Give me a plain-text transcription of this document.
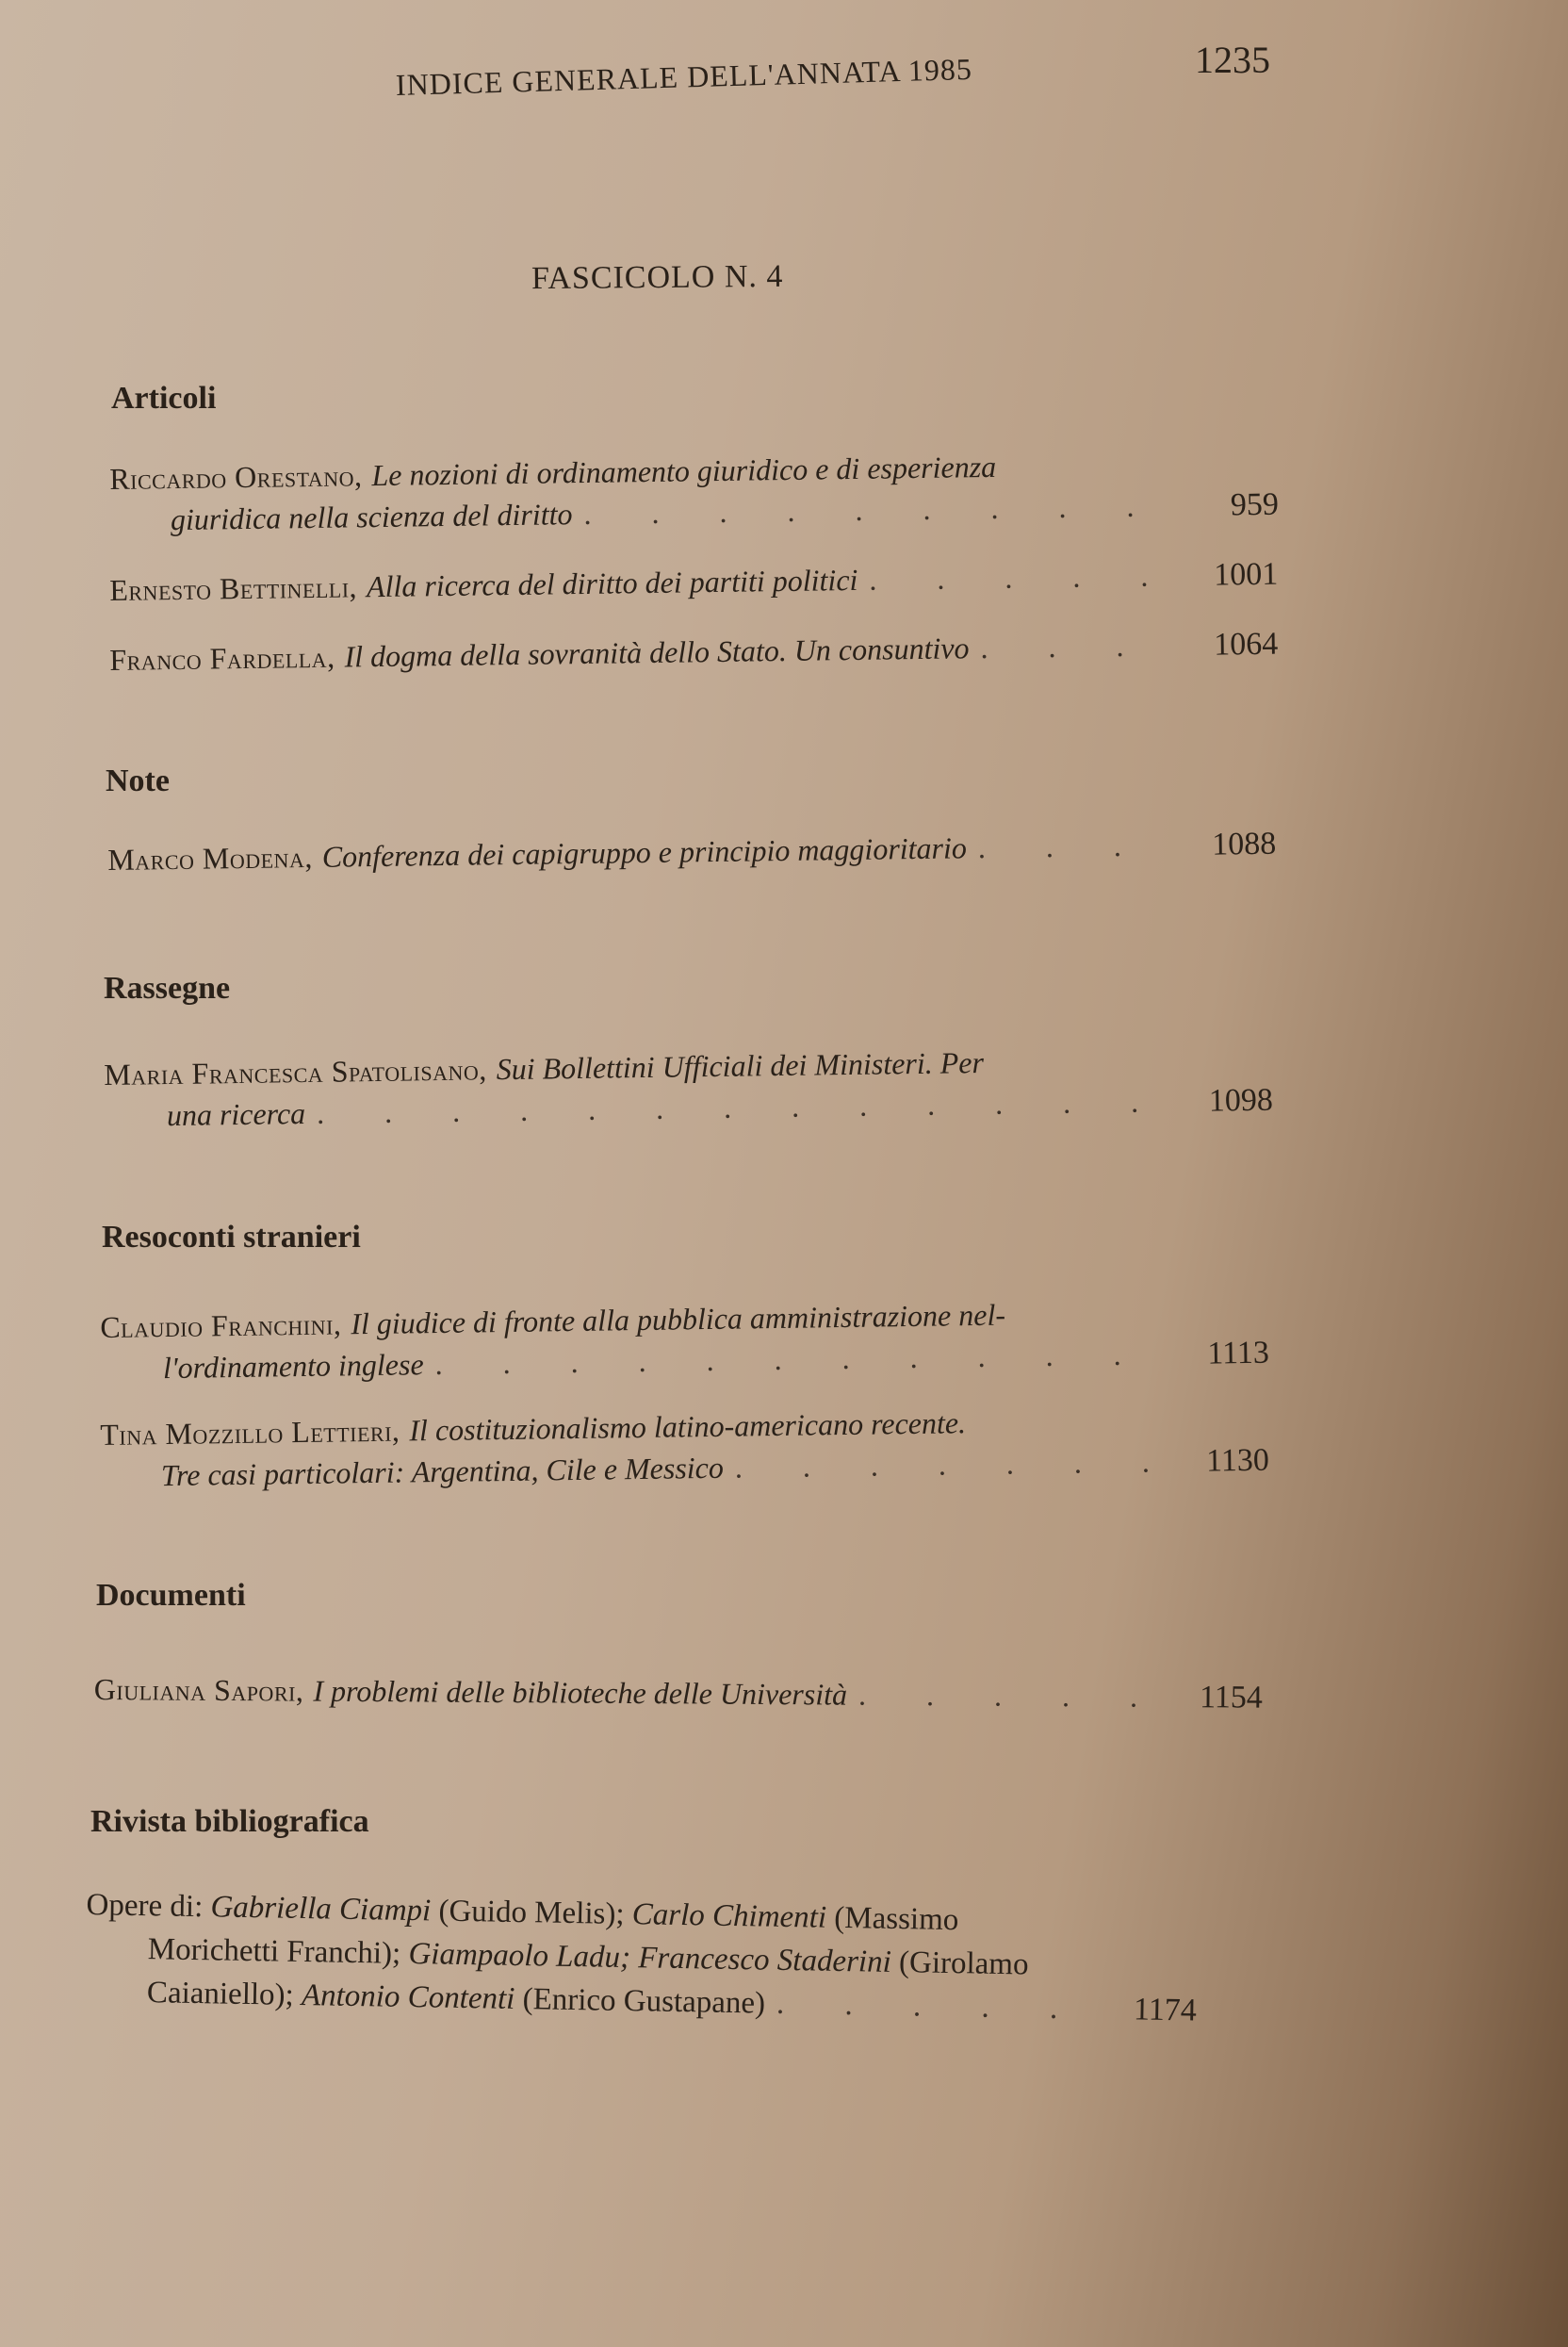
INDICE GENERALE DELL'ANNATA 1985	1235
FASCICOLO N. 4
Articoli
Riccardo Orestano, Le nozioni di ordinamento giuridico e di esperienza
giuridica nella scienza del diritto . . .	959
Ernesto Bettinelli, Alla ricerca del diritto dei partiti politici . . .	1001
Franco Fardella, Il dogma della sovranità dello Stato. Un consuntivo . . .	1064
Note
Marco Modena, Conferenza dei capigruppo e principio maggioritario . . .	1088
Rassegne
Maria Francesca Spatolisano, Sui Bollettini Ufficiali dei Ministeri. Per
una ricerca . . .	1098
Resoconti stranieri
Claudio Franchini, Il giudice di fronte alla pubblica amministrazione nel-
l'ordinamento inglese . . .	1113
Tina Mozzillo Lettieri, Il costituzionalismo latino-americano recente.
Tre casi particolari: Argentina, Cile e Messico . . .	1130
Documenti
Giuliana Sapori, I problemi delle biblioteche delle Università . . .	1154
Rivista bibliografica
Opere di:
Gabriella Ciampi
(Guido Melis);
Carlo Chimenti
(Massimo
Morichetti Franchi);
Giampaolo Ladu; Francesco Staderini
(Girolamo
Caianiello);
Antonio Contenti
(Enrico Gustapane) . . .	1174
